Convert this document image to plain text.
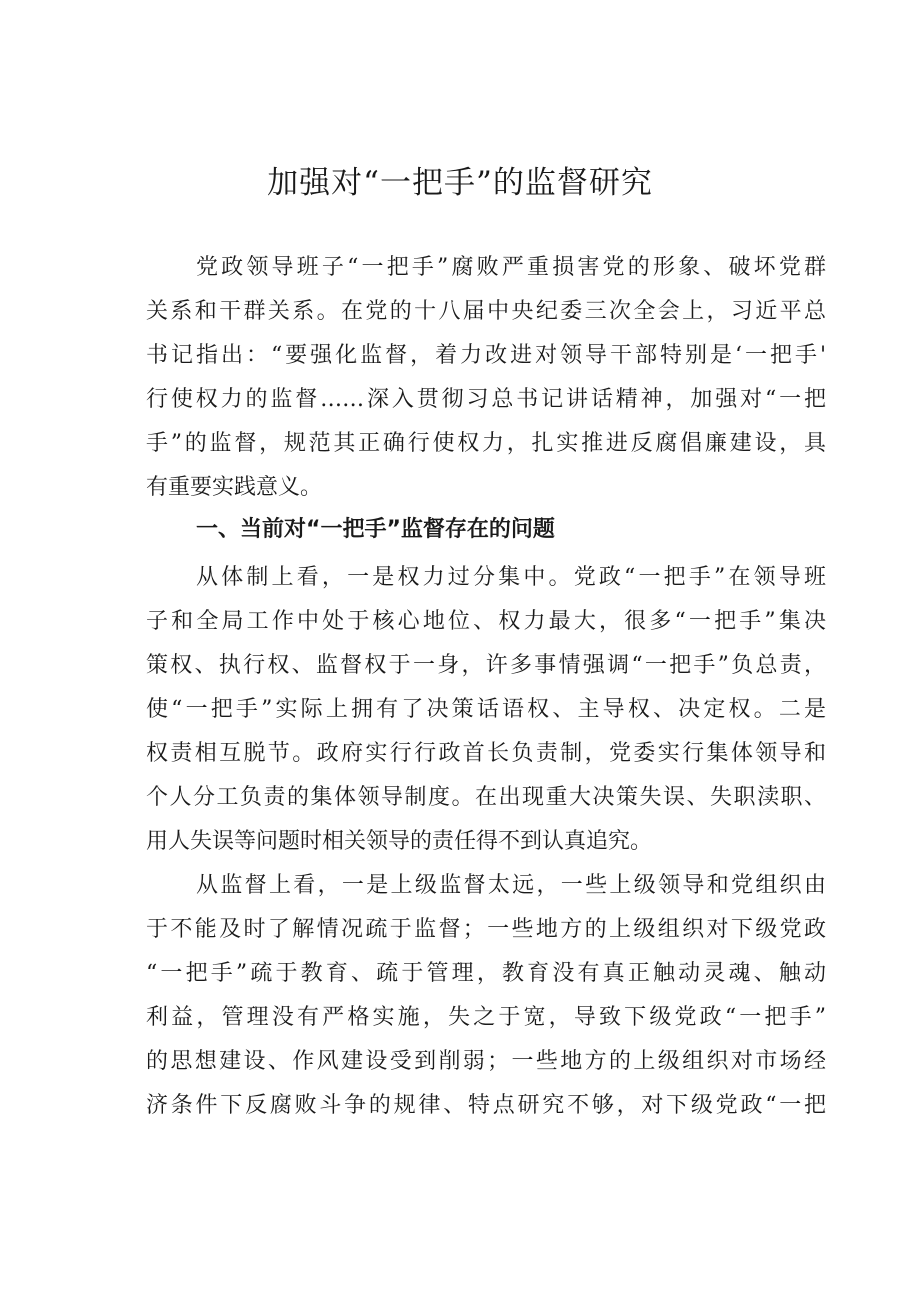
加强对“一把手”的监督研究
党政领导班子“一把手”腐败严重损害党的形象、破坏党群
关系和干群关系。在党的十八届中央纪委三次全会上，习近平总
书记指出：“要强化监督，着力改进对领导干部特别是‘一把手'
行使权力的监督……深入贯彻习总书记讲话精神，加强对“一把
手”的监督，规范其正确行使权力，扎实推进反腐倡廉建设，具
有重要实践意义。
一、当前对“一把手”监督存在的问题
从体制上看，一是权力过分集中。党政“一把手”在领导班
子和全局工作中处于核心地位、权力最大，很多“一把手”集决
策权、执行权、监督权于一身，许多事情强调“一把手”负总责，
使“一把手”实际上拥有了决策话语权、主导权、决定权。二是
权责相互脱节。政府实行行政首长负责制，党委实行集体领导和
个人分工负责的集体领导制度。在出现重大决策失误、失职渎职、
用人失误等问题时相关领导的责任得不到认真追究。
从监督上看，一是上级监督太远，一些上级领导和党组织由
于不能及时了解情况疏于监督；一些地方的上级组织对下级党政
“一把手”疏于教育、疏于管理，教育没有真正触动灵魂、触动
利益，管理没有严格实施，失之于宽，导致下级党政“一把手”
的思想建设、作风建设受到削弱；一些地方的上级组织对市场经
济条件下反腐败斗争的规律、特点研究不够，对下级党政“一把
